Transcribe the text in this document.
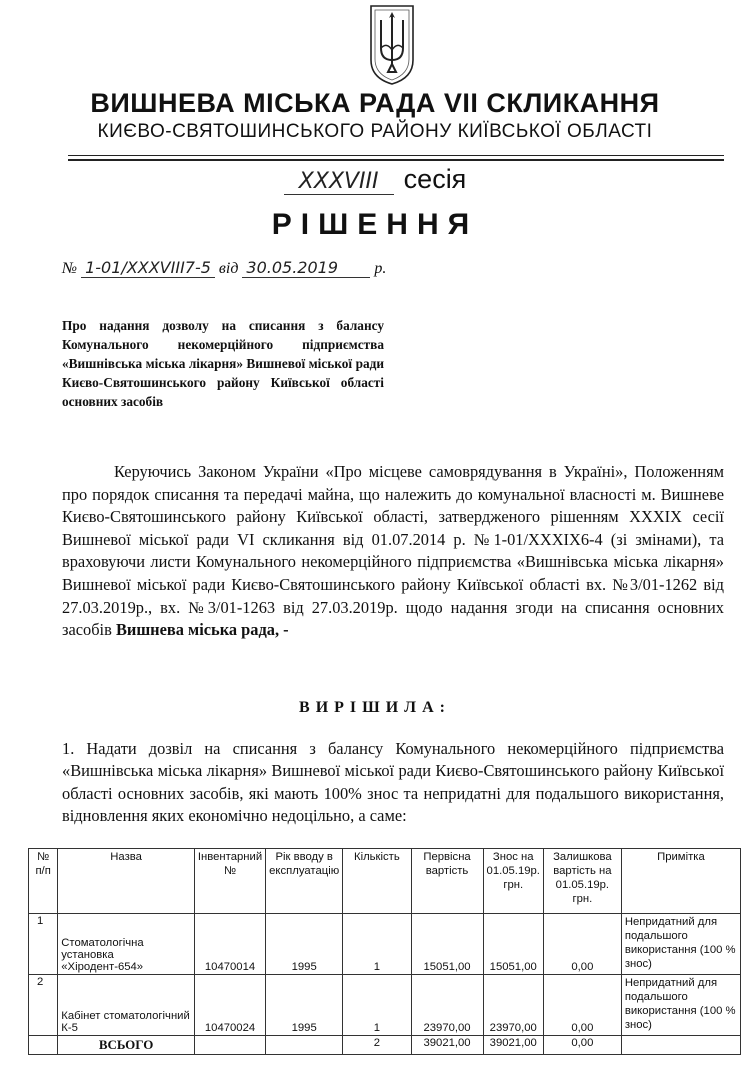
ВИШНЕВА МІСЬКА РАДА VII СКЛИКАННЯ
КИЄВО-СВЯТОШИНСЬКОГО РАЙОНУ КИЇВСЬКОЇ ОБЛАСТІ
XXXVIII сесія
РІШЕННЯ
№ 1-01/XXXVIII7-5 від 30.05.2019 р.
Про надання дозволу на списання з балансу Комунального некомерційного підприємства «Вишнівська міська лікарня» Вишневої міської ради Києво-Святошинського району Київської області основних засобів
Керуючись Законом України «Про місцеве самоврядування в Україні», Положенням про порядок списання та передачі майна, що належить до комунальної власності м. Вишневе Києво-Святошинського району Київської області, затвердженого рішенням XXXIX сесії Вишневої міської ради VI скликання від 01.07.2014 р. №1-01/XXXIX6-4 (зі змінами), та враховуючи листи Комунального некомерційного підприємства «Вишнівська міська лікарня» Вишневої міської ради Києво-Святошинського району Київської області вх. №3/01-1262 від 27.03.2019р., вх. №3/01-1263 від 27.03.2019р. щодо надання згоди на списання основних засобів Вишнева міська рада, -
ВИРІШИЛА:
1. Надати дозвіл на списання з балансу Комунального некомерційного підприємства «Вишнівська міська лікарня» Вишневої міської ради Києво-Святошинського району Київської області основних засобів, які мають 100% знос та непридатні для подальшого використання, відновлення яких економічно недоцільно, а саме:
№ п/п	Назва	Інвентарний №	Рік вводу в експлуатацію	Кількість	Первісна вартість	Знос на 01.05.19р. грн.	Залишкова вартість на 01.05.19р. грн.	Примітка
1	Стоматологічна установка «Хіродент-654»	10470014	1995	1	15051,00	15051,00	0,00	Непридатний для подальшого використання (100 % знос)
2	Кабінет стоматологічний К-5	10470024	1995	1	23970,00	23970,00	0,00	Непридатний для подальшого використання (100 % знос)
	ВСЬОГО			2	39021,00	39021,00	0,00	
